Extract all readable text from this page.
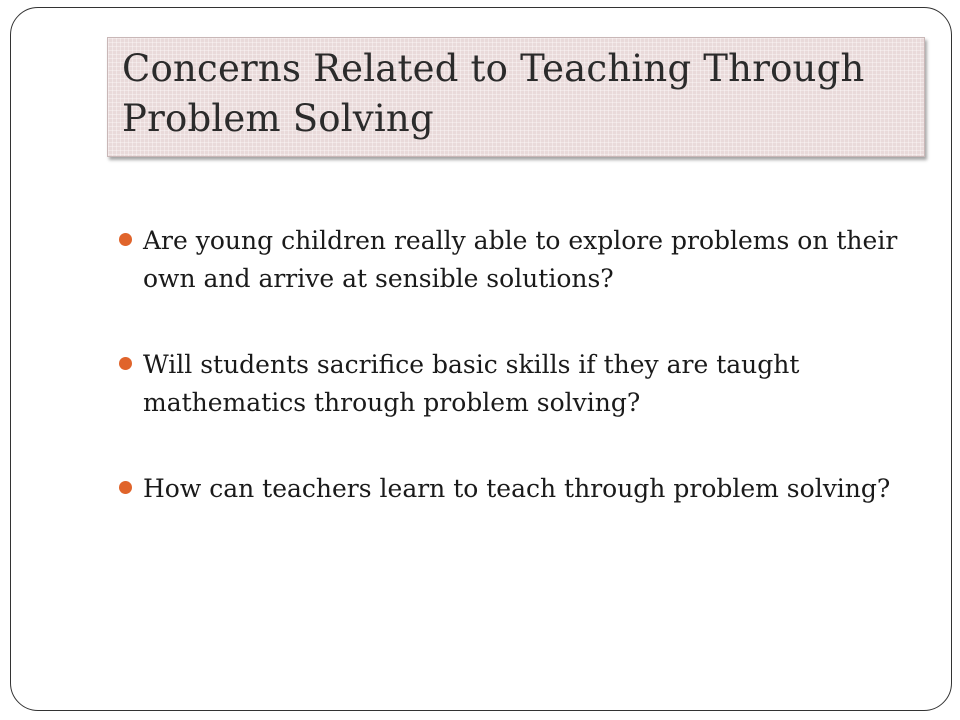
Concerns Related to Teaching Through Problem Solving
Are young children really able to explore problems on their own and arrive at sensible solutions?
Will students sacrifice basic skills if they are taught mathematics through problem solving?
How can teachers learn to teach through problem solving?
